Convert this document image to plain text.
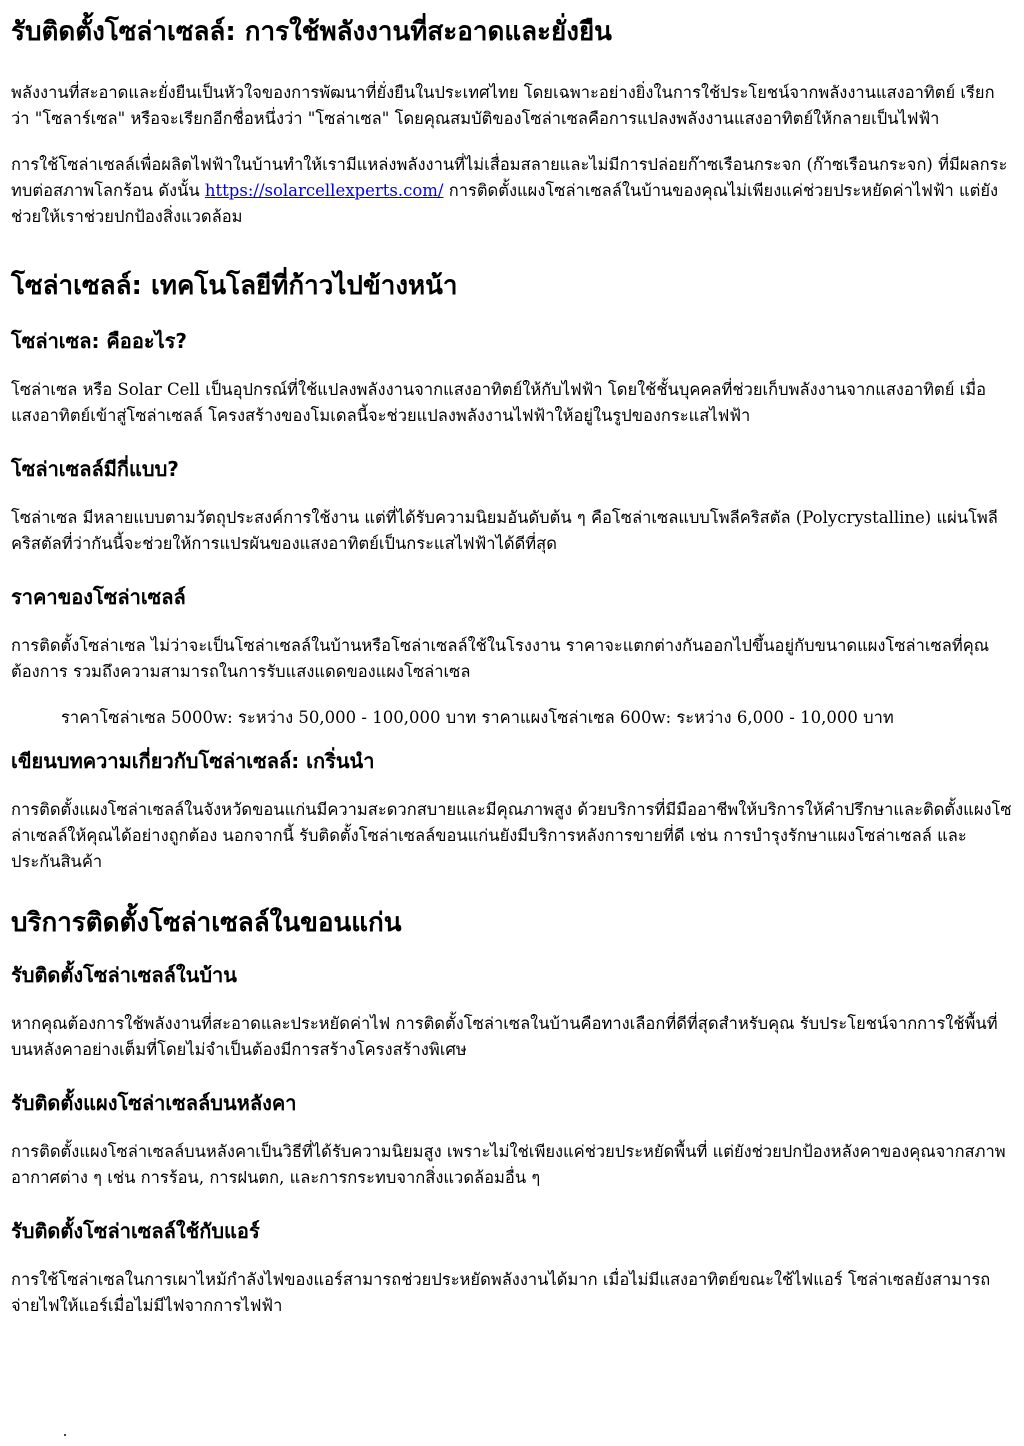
รับติดตั้งโซล่าเซลล์: การใช้พลังงานที่สะอาดและยั่งยืน

พลังงานที่สะอาดและยั่งยืนเป็นหัวใจของการพัฒนาที่ยั่งยืนในประเทศไทย โดยเฉพาะอย่างยิ่งในการใช้ประโยชน์จากพลังงานแสงอาทิตย์ เรียกว่า "โซลาร์เซล" หรือจะเรียกอีกชื่อหนึ่งว่า "โซล่าเซล" โดยคุณสมบัติของโซล่าเซลคือการแปลงพลังงานแสงอาทิตย์ให้กลายเป็นไฟฟ้า

การใช้โซล่าเซลล์เพื่อผลิตไฟฟ้าในบ้านทำให้เรามีแหล่งพลังงานที่ไม่เสื่อมสลายและไม่มีการปล่อยก๊าซเรือนกระจก (ก๊าซเรือนกระจก) ที่มีผลกระทบต่อสภาพโลกร้อน ดังนั้น https://solarcellexperts.com/ การติดตั้งแผงโซล่าเซลล์ในบ้านของคุณไม่เพียงแค่ช่วยประหยัดค่าไฟฟ้า แต่ยังช่วยให้เราช่วยปกป้องสิ่งแวดล้อม

โซล่าเซลล์: เทคโนโลยีที่ก้าวไปข้างหน้า
โซล่าเซล: คืออะไร?

โซล่าเซล หรือ Solar Cell เป็นอุปกรณ์ที่ใช้แปลงพลังงานจากแสงอาทิตย์ให้กับไฟฟ้า โดยใช้ชั้นบุคคลที่ช่วยเก็บพลังงานจากแสงอาทิตย์ เมื่อแสงอาทิตย์เข้าสู่โซล่าเซลล์ โครงสร้างของโมเดลนี้จะช่วยแปลงพลังงานไฟฟ้าให้อยู่ในรูปของกระแสไฟฟ้า

โซล่าเซลล์มีกี่แบบ?

โซล่าเซล มีหลายแบบตามวัตถุประสงค์การใช้งาน แต่ที่ได้รับความนิยมอันดับต้น ๆ คือโซล่าเซลแบบโพลีคริสตัล (Polycrystalline) แผ่นโพลีคริสตัลที่ว่ากันนี้จะช่วยให้การแปรผันของแสงอาทิตย์เป็นกระแสไฟฟ้าได้ดีที่สุด

ราคาของโซล่าเซลล์

การติดตั้งโซล่าเซล ไม่ว่าจะเป็นโซล่าเซลล์ในบ้านหรือโซล่าเซลล์ใช้ในโรงงาน ราคาจะแตกต่างกันออกไปขึ้นอยู่กับขนาดแผงโซล่าเซลที่คุณต้องการ รวมถึงความสามารถในการรับแสงแดดของแผงโซล่าเซล

ราคาโซล่าเซล 5000w: ระหว่าง 50,000 - 100,000 บาท ราคาแผงโซล่าเซล 600w: ระหว่าง 6,000 - 10,000 บาท

เขียนบทความเกี่ยวกับโซล่าเซลล์: เกริ่นนำ

การติดตั้งแผงโซล่าเซลล์ในจังหวัดขอนแก่นมีความสะดวกสบายและมีคุณภาพสูง ด้วยบริการที่มีมืออาชีพให้บริการให้คำปรึกษาและติดตั้งแผงโซล่าเซลล์ให้คุณได้อย่างถูกต้อง นอกจากนี้ รับติดตั้งโซล่าเซลล์ขอนแก่นยังมีบริการหลังการขายที่ดี เช่น การบำรุงรักษาแผงโซล่าเซลล์ และประกันสินค้า

บริการติดตั้งโซล่าเซลล์ในขอนแก่น
รับติดตั้งโซล่าเซลล์ในบ้าน

หากคุณต้องการใช้พลังงานที่สะอาดและประหยัดค่าไฟ การติดตั้งโซล่าเซลในบ้านคือทางเลือกที่ดีที่สุดสำหรับคุณ รับประโยชน์จากการใช้พื้นที่บนหลังคาอย่างเต็มที่โดยไม่จำเป็นต้องมีการสร้างโครงสร้างพิเศษ

รับติดตั้งแผงโซล่าเซลล์บนหลังคา

การติดตั้งแผงโซล่าเซลล์บนหลังคาเป็นวิธีที่ได้รับความนิยมสูง เพราะไม่ใช่เพียงแค่ช่วยประหยัดพื้นที่ แต่ยังช่วยปกป้องหลังคาของคุณจากสภาพอากาศต่าง ๆ เช่น การร้อน, การฝนตก, และการกระทบจากสิ่งแวดล้อมอื่น ๆ

รับติดตั้งโซล่าเซลล์ใช้กับแอร์

การใช้โซล่าเซลในการเผาไหม้กำลังไฟของแอร์สามารถช่วยประหยัดพลังงานได้มาก เมื่อไม่มีแสงอาทิตย์ขณะใช้ไฟแอร์ โซล่าเซลยังสามารถจ่ายไฟให้แอร์เมื่อไม่มีไฟจากการไฟฟ้า
